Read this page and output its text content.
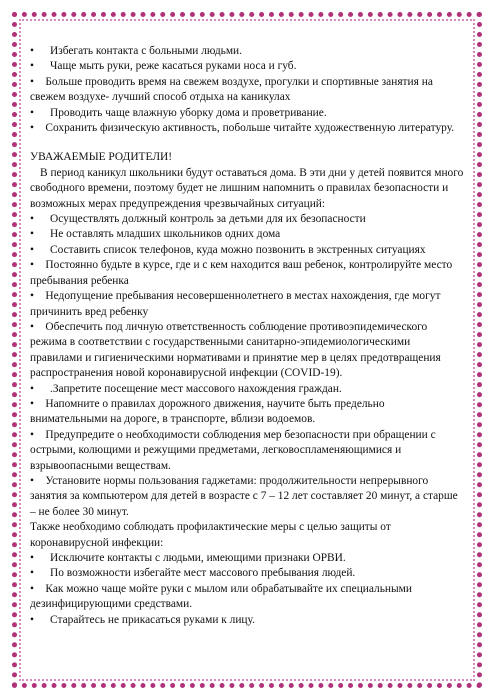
• Избегать контакта с больными людьми.

• Чаще мыть руки, реже касаться руками носа и губ.

• Больше проводить время на свежем воздухе, прогулки и спортивные занятия на свежем воздухе- лучший способ отдыха на каникулах

• Проводить чаще влажную уборку дома и проветривание.

• Сохранить физическую активность, побольше читайте художественную литературу.

УВАЖАЕМЫЕ РОДИТЕЛИ!

В период каникул школьники будут оставаться дома. В эти дни у детей появится много свободного времени, поэтому будет не лишним напомнить о правилах безопасности и возможных мерах предупреждения чрезвычайных ситуаций:

• Осуществлять должный контроль за детьми для их безопасности

• Не оставлять младших школьников одних дома

• Составить список телефонов, куда можно позвонить в экстренных ситуациях

• Постоянно будьте в курсе, где и с кем находится ваш ребенок, контролируйте место пребывания ребенка

• Недопущение пребывания несовершеннолетнего в местах нахождения, где могут причинить вред ребенку

• Обеспечить под личную ответственность соблюдение противоэпидемического режима в соответствии с государственными санитарно-эпидемиологическими правилами и гигиеническими нормативами и принятие мер в целях предотвращения распространения новой коронавирусной инфекции (COVID-19).

• .Запретите посещение мест массового нахождения граждан.

• Напомните о правилах дорожного движения, научите быть предельно внимательными на дороге, в транспорте, вблизи водоемов.

• Предупредите о необходимости соблюдения мер безопасности при обращении с острыми, колющими и режущими предметами, легковоспламеняющимися и взрывоопасными веществам.

• Установите нормы пользования гаджетами: продолжительности непрерывного занятия за компьютером для детей в возрасте с 7 – 12 лет составляет 20 минут, а старше – не более 30 минут.

Также необходимо соблюдать профилактические меры с целью защиты от коронавирусной инфекции:

• Исключите контакты с людьми, имеющими признаки ОРВИ.

• По возможности избегайте мест массового пребывания людей.

• Как можно чаще мойте руки с мылом или обрабатывайте их специальными дезинфицирующими средствами.

• Старайтесь не прикасаться руками к лицу.
